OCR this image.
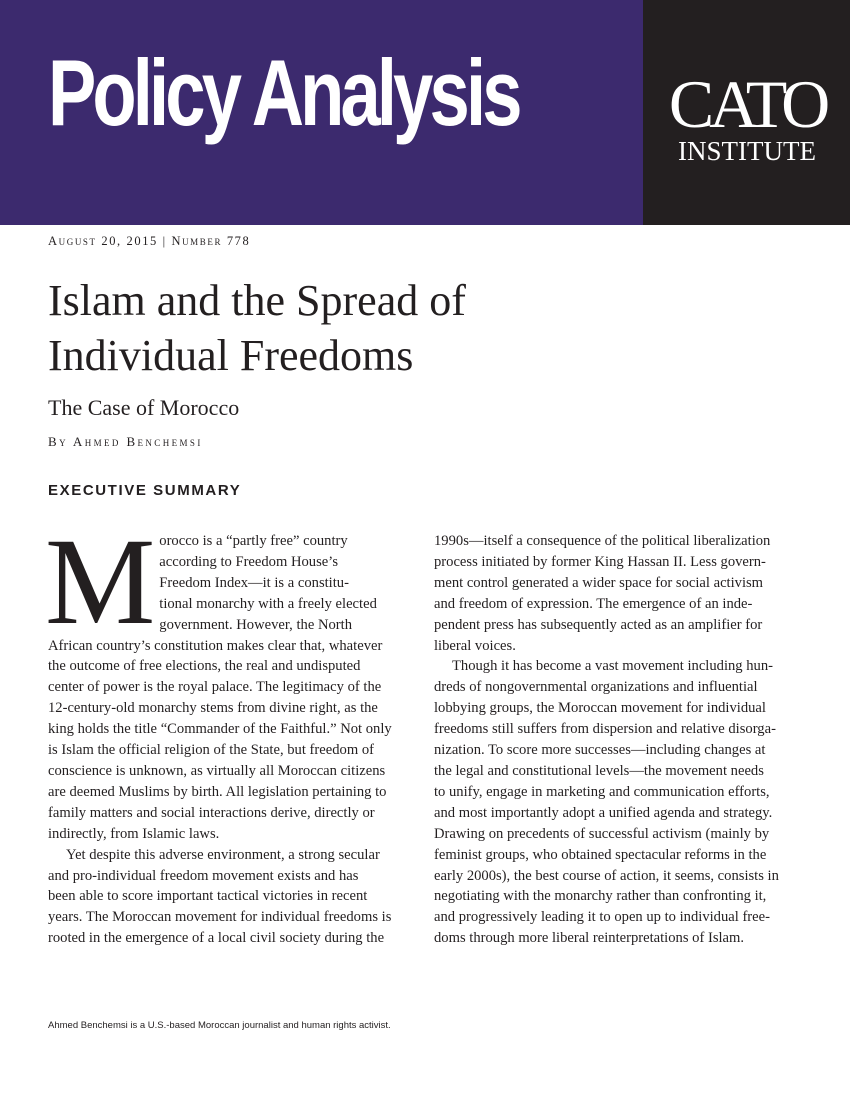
Policy Analysis CATO
INSTITUTE

August 20, 2015 | Number 778

Islam and the Spread of
Individual Freedoms
The Case of Morocco

By Ahmed Benchemsi

EXECUTIVE SUMMARY
M orocco is a “partly free” country
according to Freedom House’s
Freedom Index—it is a constitu-
tional monarchy with a freely elected
government. However, the North
African country’s constitution makes clear that, whatever
the outcome of free elections, the real and undisputed
center of power is the royal palace. The legitimacy of the
12-century-old monarchy stems from divine right, as the
king holds the title “Commander of the Faithful.” Not only
is Islam the official religion of the State, but freedom of
conscience is unknown, as virtually all Moroccan citizens
are deemed Muslims by birth. All legislation pertaining to
family matters and social interactions derive, directly or
indirectly, from Islamic laws.
Yet despite this adverse environment, a strong secular
and pro-individual freedom movement exists and has
been able to score important tactical victories in recent
years. The Moroccan movement for individual freedoms is
rooted in the emergence of a local civil society during the
1990s—itself a consequence of the political liberalization
process initiated by former King Hassan II. Less govern-
ment control generated a wider space for social activism
and freedom of expression. The emergence of an inde-
pendent press has subsequently acted as an amplifier for
liberal voices.
Though it has become a vast movement including hun-
dreds of nongovernmental organizations and influential
lobbying groups, the Moroccan movement for individual
freedoms still suffers from dispersion and relative disorga-
nization. To score more successes—including changes at
the legal and constitutional levels—the movement needs
to unify, engage in marketing and communication efforts,
and most importantly adopt a unified agenda and strategy.
Drawing on precedents of successful activism (mainly by
feminist groups, who obtained spectacular reforms in the
early 2000s), the best course of action, it seems, consists in
negotiating with the monarchy rather than confronting it,
and progressively leading it to open up to individual free-
doms through more liberal reinterpretations of Islam.

Ahmed Benchemsi is a U.S.-based Moroccan journalist and human rights activist.
